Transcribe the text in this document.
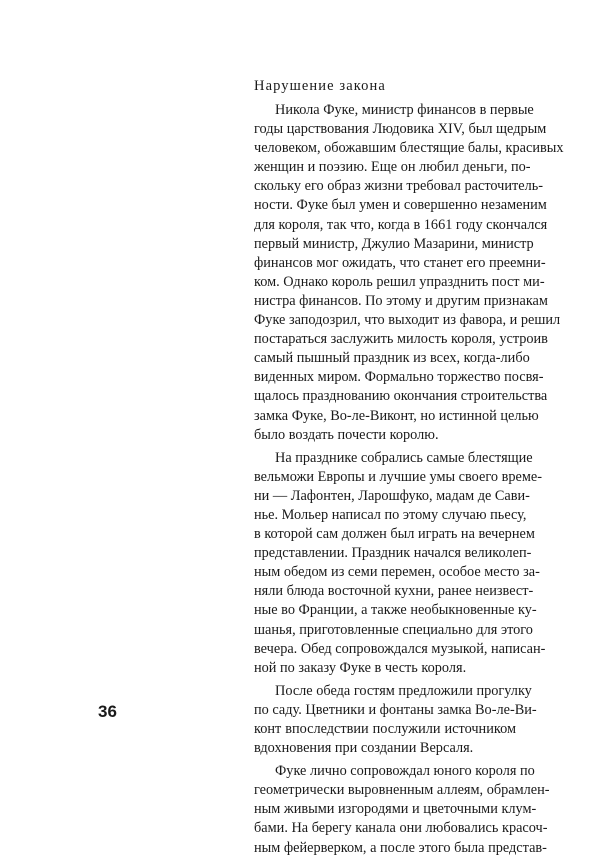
Нарушение закона
Никола Фуке, министр финансов в первые
годы царствования Людовика XIV, был щедрым
человеком, обожавшим блестящие балы, красивых
женщин и поэзию. Еще он любил деньги, по-
скольку его образ жизни требовал расточитель-
ности. Фуке был умен и совершенно незаменим
для короля, так что, когда в 1661 году скончался
первый министр, Джулио Мазарини, министр
финансов мог ожидать, что станет его преемни-
ком. Однако король решил упразднить пост ми-
нистра финансов. По этому и другим признакам
Фуке заподозрил, что выходит из фавора, и решил
постараться заслужить милость короля, устроив
самый пышный праздник из всех, когда-либо
виденных миром. Формально торжество посвя-
щалось празднованию окончания строительства
замка Фуке, Во-ле-Виконт, но истинной целью
было воздать почести королю.
На празднике собрались самые блестящие
вельможи Европы и лучшие умы своего време-
ни — Лафонтен, Ларошфуко, мадам де Сави-
нье. Мольер написал по этому случаю пьесу,
в которой сам должен был играть на вечернем
представлении. Праздник начался великолеп-
ным обедом из семи перемен, особое место за-
няли блюда восточной кухни, ранее неизвест-
ные во Франции, а также необыкновенные ку-
шанья, приготовленные специально для этого
вечера. Обед сопровождался музыкой, написан-
ной по заказу Фуке в честь короля.
После обеда гостям предложили прогулку
по саду. Цветники и фонтаны замка Во-ле-Ви-
конт впоследствии послужили источником
вдохновения при создании Версаля.
Фуке лично сопровождал юного короля по
геометрически выровненным аллеям, обрамлен-
ным живыми изгородями и цветочными клум-
бами. На берегу канала они любовались красоч-
ным фейерверком, а после этого была представ-
36
